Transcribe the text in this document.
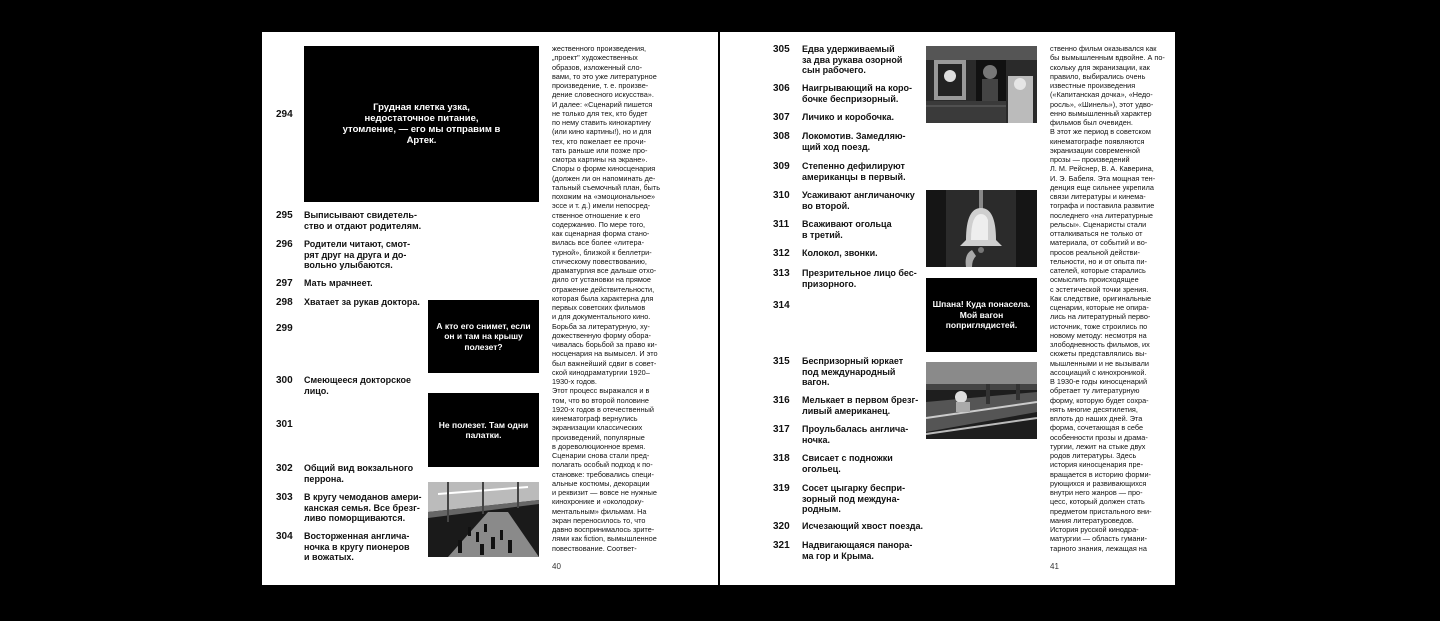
Грудная клетка узка, недостаточное питание, утомление, — его мы отправим в Артек.
294
295 Выписывают свидетель-
ство и отдают родителям.
296 Родители читают, смот-
рят друг на друга и до-
вольно улыбаются.
297 Мать мрачнеет.
298 Хватает за рукав доктора.
299
300 Смеющееся докторское
лицо.
301
302 Общий вид вокзального
перрона.
303 В кругу чемоданов амери-
канская семья. Все брезг-
ливо поморщиваются.
304 Восторженная англича-
ночка в кругу пионеров
и вожатых.
А кто его снимет, если он и там на крышу полезет?
Не полезет. Там одни палатки.
жественного произведения,
„проект" художественных
образов, изложенный сло-
вами, то это уже литературное
произведение, т. е. произве-
дение словесного искусства».
И далее: «Сценарий пишется
не только для тех, кто будет
по нему ставить кинокартину
(или кино картины!), но и для
тех, кто пожелает ее прочи-
тать раньше или позже про-
смотра картины на экране».
Споры о форме киносценария
(должен ли он напоминать де-
тальный съемочный план, быть
похожим на «эмоциональное»
эссе и т. д.) имели непосред-
ственное отношение к его
содержанию. По мере того,
как сценарная форма стано-
вилась все более «литера-
турной», близкой к беллетри-
стическому повествованию,
драматургия все дальше отхо-
дило от установки на прямое
отражение действительности,
которая была характерна для
первых советских фильмов
и для документального кино.
Борьба за литературную, ху-
дожественную форму оборa-
чивалась борьбой за право ки-
носценария на вымысел. И это
был важнейший сдвиг в совет-
ской кинодраматургии 1920–
1930-х годов.
Этот процесс выражался и в
том, что во второй половине
1920-х годов в отечественный
кинематограф вернулись
экранизации классических
произведений, популярные
в дореволюционное время.
Сценарии снова стали пред-
полагать особый подход к по-
становке: требовались специ-
альные костюмы, декорации
и реквизит — вовсе не нужные
кинохронике и «околодоку-
ментальным» фильмам. На
экран переносилось то, что
давно воспринималось зрите-
лями как fiction, вымышленное
повествование. Соответ-
40
305 Едва удерживаемый
за два рукава озорной
сын рабочего.
306 Наигрывающий на коро-
бочке беспризорный.
307 Личико и коробочка.
308 Локомотив. Замедляю-
щий ход поезд.
309 Степенно дефилируют
американцы в первый.
310 Усаживают англичаночку
во второй.
311 Всаживают огольца
в третий.
312 Колокол, звонки.
313 Презрительное лицо бес-
призорного.
314
315 Беспризорный юркает
под международный
вагон.
316 Мелькает в первом брезг-
ливый американец.
317 Проульбалась англича-
ночка.
318 Свисает с подножки
огольец.
319 Сосет цыгарку беспри-
зорный под междуна-
родным.
320 Исчезающий хвост поезда.
321 Надвигающаяся панора-
ма гор и Крыма.
Шпана! Куда понасела. Мой вагон поприглядистей.
ственно фильм оказывался как
бы вымышленным вдвойне. А по-
скольку для экранизации, как
правило, выбирались очень
известные произведения
(«Капитанская дочка», «Недо-
росль», «Шинель»), этот удво-
енно вымышленный характер
фильмов был очевиден.
В этот же период в советском
кинематографе появляются
экранизации современной
прозы — произведений
Л. М. Рейснер, В. А. Каверина,
И. Э. Бабеля. Эта мощная тен-
денция еще сильнее укрепила
связи литературы и кинема-
тографа и поставила развитие
последнего «на литературные
рельсы». Сценаристы стали
отталкиваться не только от
материала, от событий и во-
просов реальной действи-
тельности, но и от опыта пи-
сателей, которые старались
осмыслить происходящее
с эстетической точки зрения.
Как следствие, оригинальные
сценарии, которые не опира-
лись на литературный перво-
источник, тоже строились по
новому методу: несмотря на
злободневность фильмов, их
сюжеты представлялись вы-
мышленными и не вызывали
ассоциаций с кинохроникой.
В 1930-е годы киносценарий
обретает ту литературную
форму, которую будет сохра-
нять многие десятилетия,
вплоть до наших дней. Эта
форма, сочетающая в себе
особенности прозы и драма-
тургии, лежит на стыке двух
родов литературы. Здесь
история киносценария пре-
вращается в историю форми-
рующихся и развивающихся
внутри него жанров — про-
цесс, который должен стать
предметом пристального вни-
мания литературоведов.
История русской кинодра-
матургии — область гумани-
тарного знания, лежащая на
41
